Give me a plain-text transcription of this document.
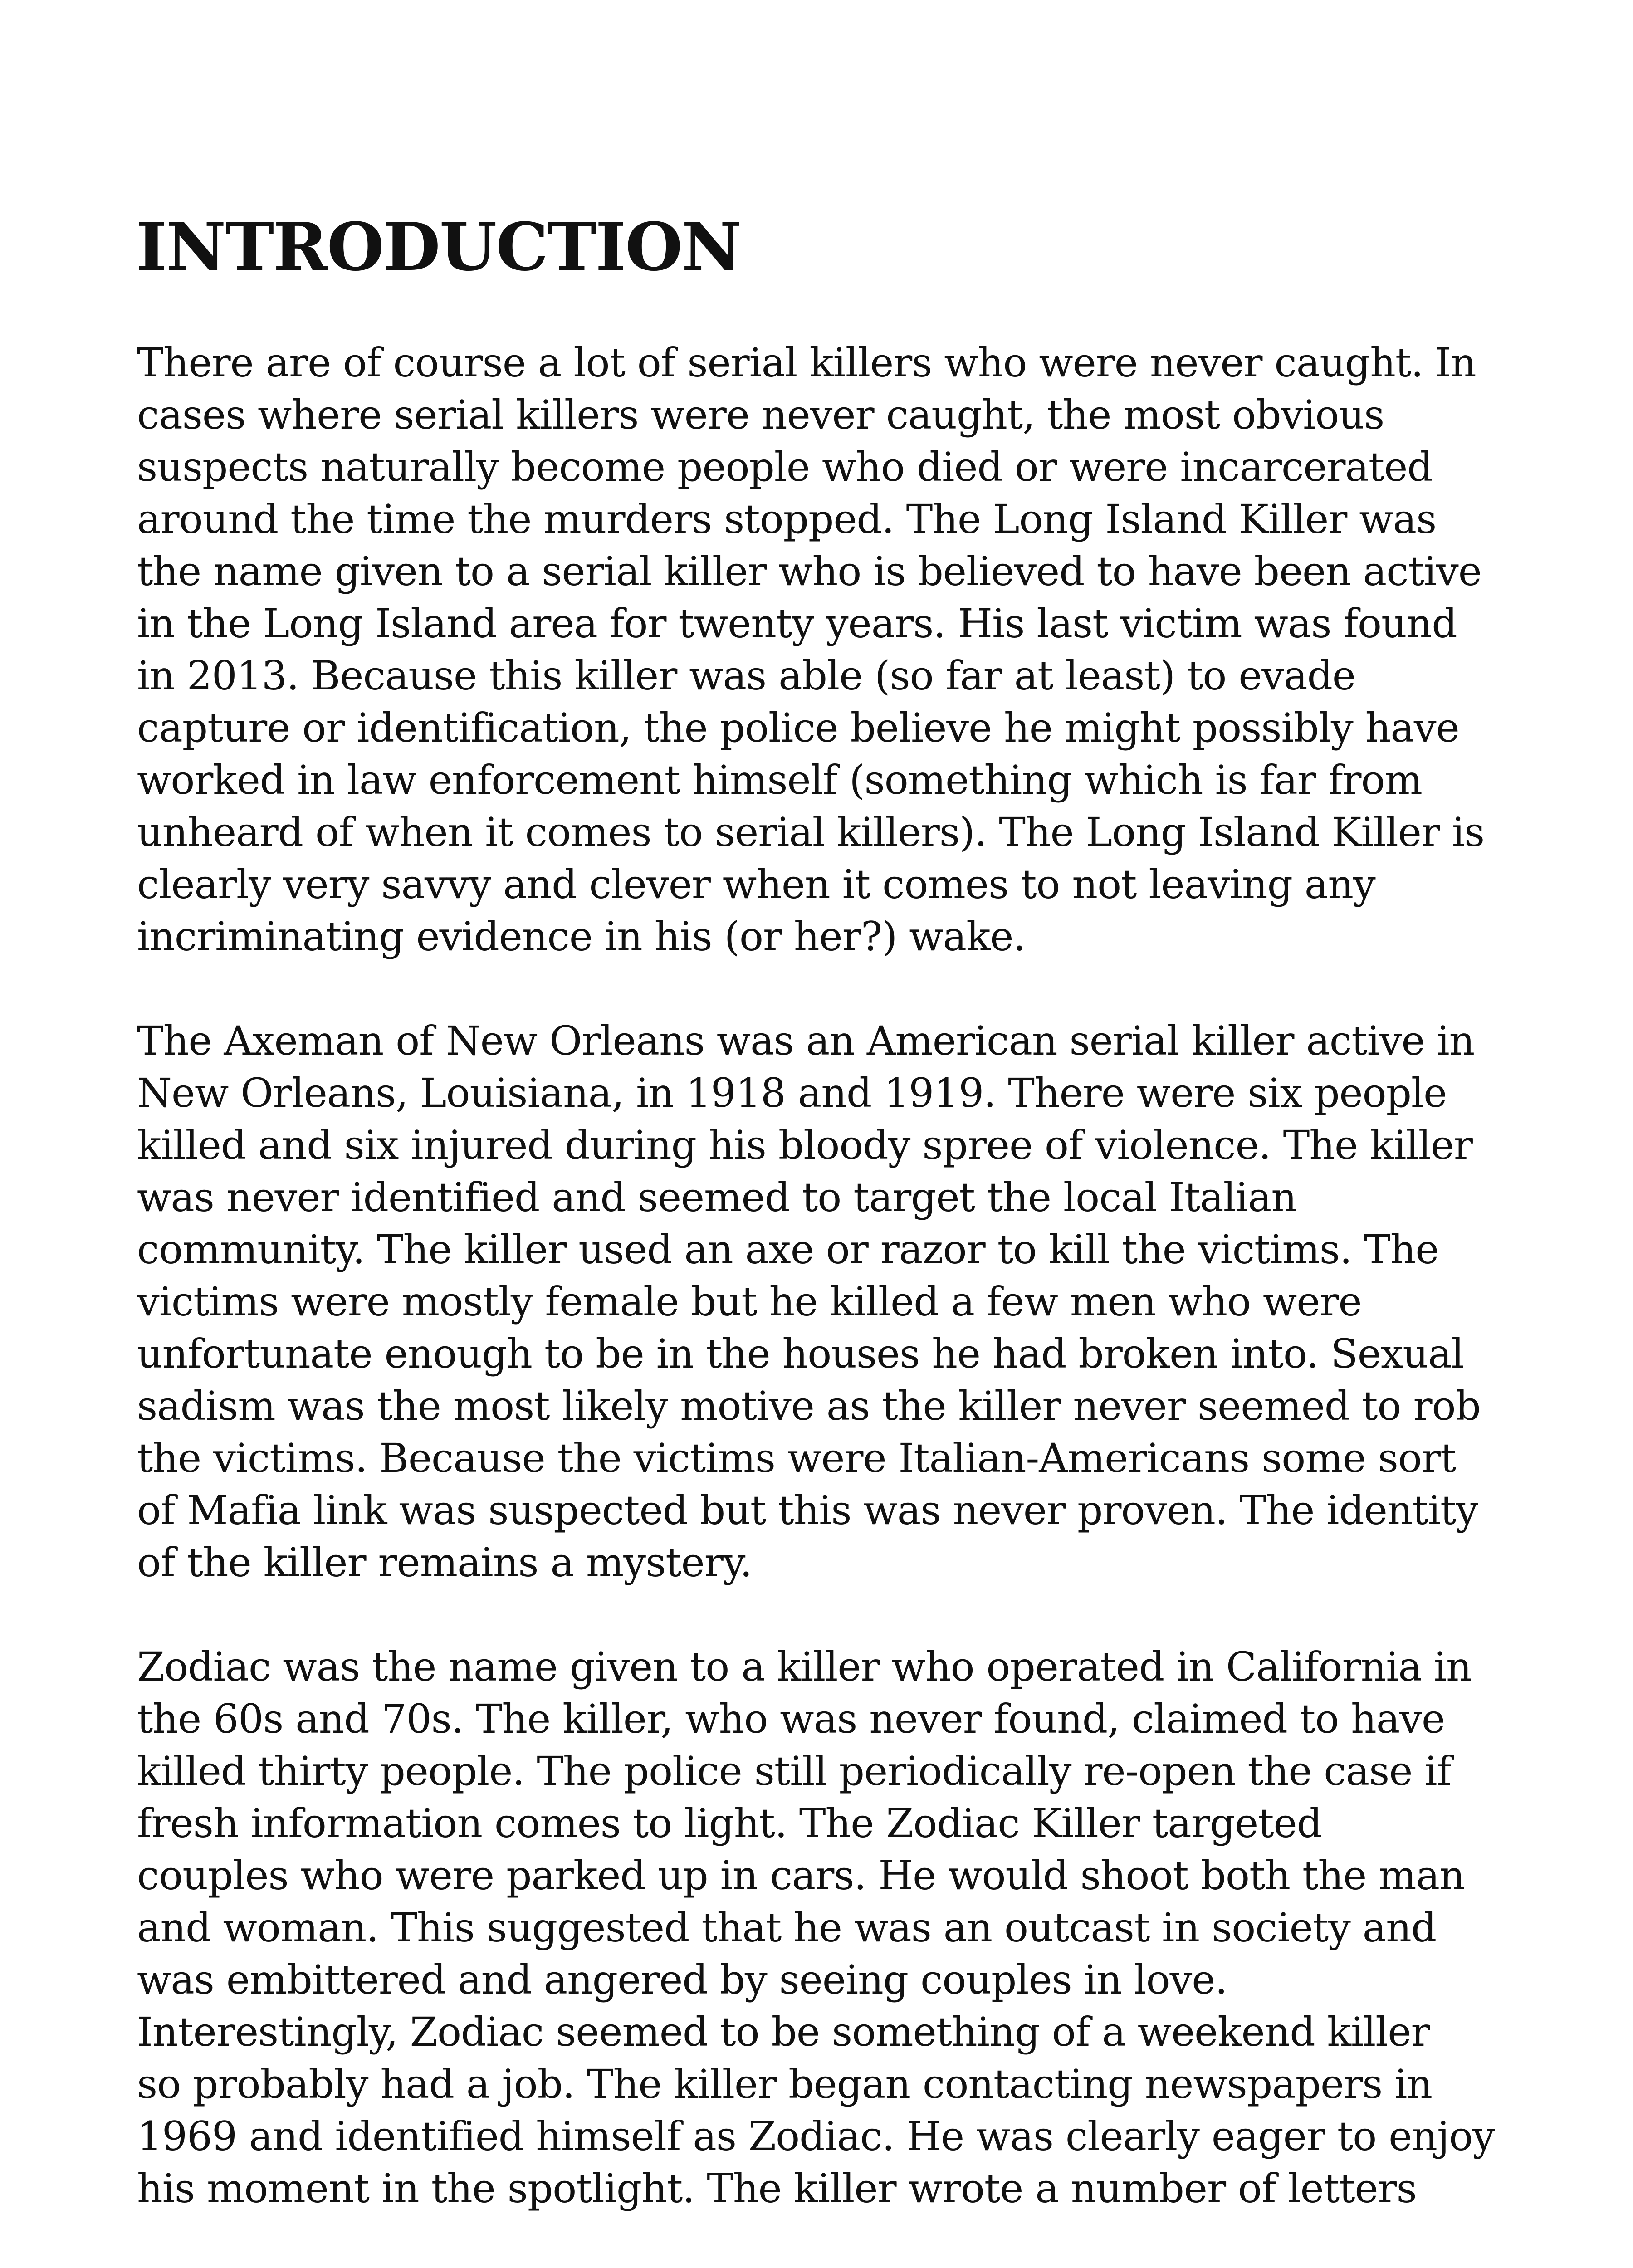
INTRODUCTION

There are of course a lot of serial killers who were never caught. In
cases where serial killers were never caught, the most obvious
suspects naturally become people who died or were incarcerated
around the time the murders stopped. The Long Island Killer was
the name given to a serial killer who is believed to have been active
in the Long Island area for twenty years. His last victim was found
in 2013. Because this killer was able (so far at least) to evade
capture or identification, the police believe he might possibly have
worked in law enforcement himself (something which is far from
unheard of when it comes to serial killers). The Long Island Killer is
clearly very savvy and clever when it comes to not leaving any
incriminating evidence in his (or her?) wake.

The Axeman of New Orleans was an American serial killer active in
New Orleans, Louisiana, in 1918 and 1919. There were six people
killed and six injured during his bloody spree of violence. The killer
was never identified and seemed to target the local Italian
community. The killer used an axe or razor to kill the victims. The
victims were mostly female but he killed a few men who were
unfortunate enough to be in the houses he had broken into. Sexual
sadism was the most likely motive as the killer never seemed to rob
the victims. Because the victims were Italian-Americans some sort
of Mafia link was suspected but this was never proven. The identity
of the killer remains a mystery.

Zodiac was the name given to a killer who operated in California in
the 60s and 70s. The killer, who was never found, claimed to have
killed thirty people. The police still periodically re-open the case if
fresh information comes to light. The Zodiac Killer targeted
couples who were parked up in cars. He would shoot both the man
and woman. This suggested that he was an outcast in society and
was embittered and angered by seeing couples in love.
Interestingly, Zodiac seemed to be something of a weekend killer
so probably had a job. The killer began contacting newspapers in
1969 and identified himself as Zodiac. He was clearly eager to enjoy
his moment in the spotlight. The killer wrote a number of letters
